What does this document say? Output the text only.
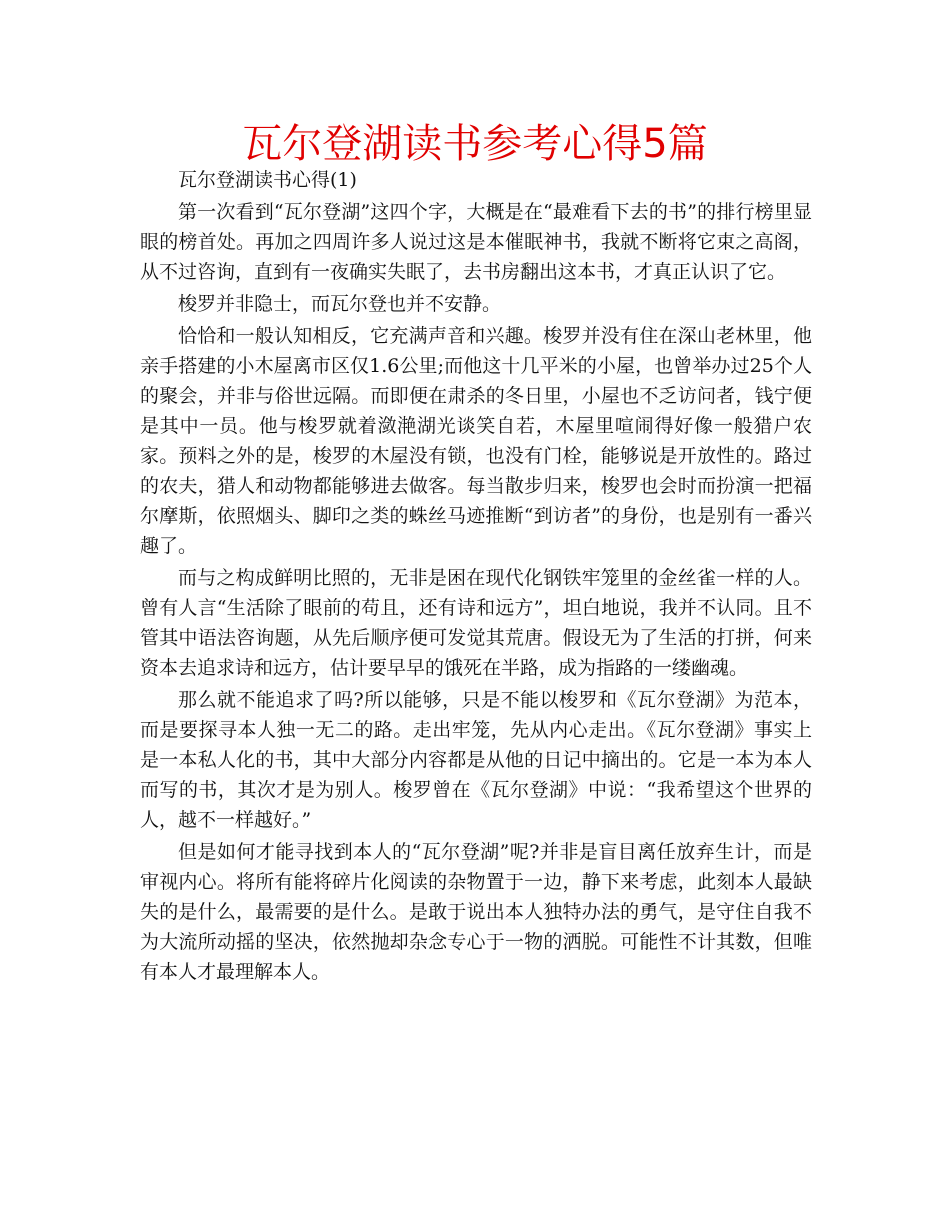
瓦尔登湖读书参考心得5篇

瓦尔登湖读书心得(1)

第一次看到“瓦尔登湖”这四个字，大概是在“最难看下去的书”的排行榜里显眼的榜首处。再加之四周许多人说过这是本催眠神书，我就不断将它束之高阁，从不过咨询，直到有一夜确实失眠了，去书房翻出这本书，才真正认识了它。

梭罗并非隐士，而瓦尔登也并不安静。

恰恰和一般认知相反，它充满声音和兴趣。梭罗并没有住在深山老林里，他亲手搭建的小木屋离市区仅1.6公里;而他这十几平米的小屋，也曾举办过25个人的聚会，并非与俗世远隔。而即便在肃杀的冬日里，小屋也不乏访问者，钱宁便是其中一员。他与梭罗就着潋滟湖光谈笑自若，木屋里喧闹得好像一般猎户农家。预料之外的是，梭罗的木屋没有锁，也没有门栓，能够说是开放性的。路过的农夫，猎人和动物都能够进去做客。每当散步归来，梭罗也会时而扮演一把福尔摩斯，依照烟头、脚印之类的蛛丝马迹推断“到访者”的身份，也是别有一番兴趣了。

而与之构成鲜明比照的，无非是困在现代化钢铁牢笼里的金丝雀一样的人。曾有人言“生活除了眼前的苟且，还有诗和远方”，坦白地说，我并不认同。且不管其中语法咨询题，从先后顺序便可发觉其荒唐。假设无为了生活的打拼，何来资本去追求诗和远方，估计要早早的饿死在半路，成为指路的一缕幽魂。

那么就不能追求了吗?所以能够，只是不能以梭罗和《瓦尔登湖》为范本，而是要探寻本人独一无二的路。走出牢笼，先从内心走出。《瓦尔登湖》事实上是一本私人化的书，其中大部分内容都是从他的日记中摘出的。它是一本为本人而写的书，其次才是为别人。梭罗曾在《瓦尔登湖》中说：“我希望这个世界的人，越不一样越好。”

但是如何才能寻找到本人的“瓦尔登湖”呢?并非是盲目离任放弃生计，而是审视内心。将所有能将碎片化阅读的杂物置于一边，静下来考虑，此刻本人最缺失的是什么，最需要的是什么。是敢于说出本人独特办法的勇气，是守住自我不为大流所动摇的坚决，依然抛却杂念专心于一物的洒脱。可能性不计其数，但唯有本人才最理解本人。
